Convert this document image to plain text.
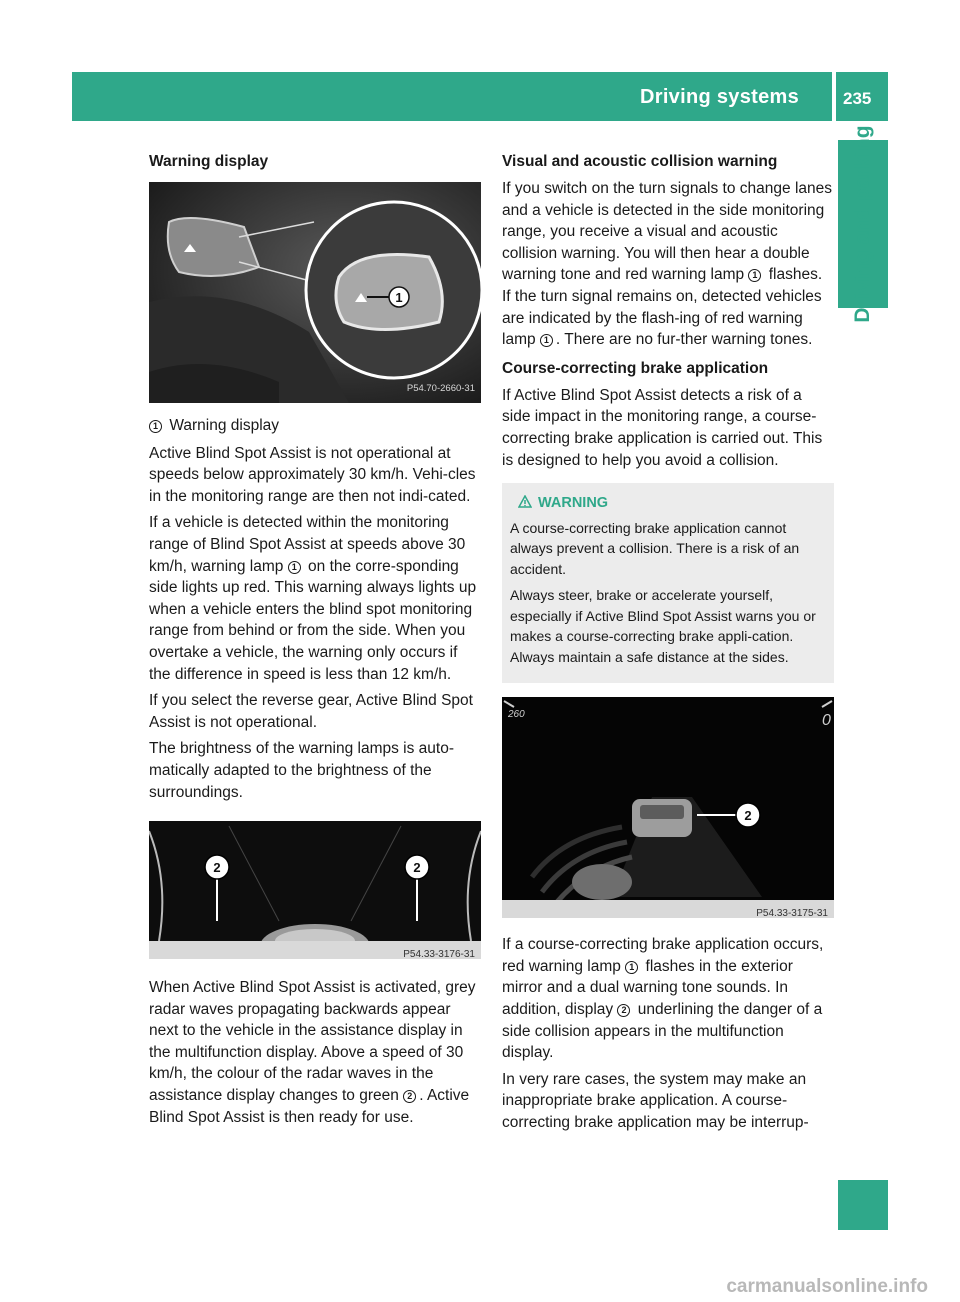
Driving systems	235
Driving and parking
Warning display
1
P54.70-2660-31
1 Warning display

Active Blind Spot Assist is not operational at speeds below approximately 30 km/h. Vehi-cles in the monitoring range are then not indi-cated.

If a vehicle is detected within the monitoring range of Blind Spot Assist at speeds above 30 km/h, warning lamp 1 on the corre-sponding side lights up red. This warning always lights up when a vehicle enters the blind spot monitoring range from behind or from the side. When you overtake a vehicle, the warning only occurs if the difference in speed is less than 12 km/h.

If you select the reverse gear, Active Blind Spot Assist is not operational.

The brightness of the warning lamps is auto-matically adapted to the brightness of the surroundings.

2	2
P54.33-3176-31

When Active Blind Spot Assist is activated, grey radar waves propagating backwards appear next to the vehicle in the assistance display in the multifunction display. Above a speed of 30 km/h, the colour of the radar waves in the assistance display changes to green 2 . Active Blind Spot Assist is then ready for use.

Visual and acoustic collision warning

If you switch on the turn signals to change lanes and a vehicle is detected in the side monitoring range, you receive a visual and acoustic collision warning. You will then hear a double warning tone and red warning lamp 1 flashes. If the turn signal remains on, detected vehicles are indicated by the flash-ing of red warning lamp 1 . There are no fur-ther warning tones.

Course-correcting brake application

If Active Blind Spot Assist detects a risk of a side impact in the monitoring range, a course-correcting brake application is carried out. This is designed to help you avoid a collision.

WARNING

A course-correcting brake application cannot always prevent a collision. There is a risk of an accident.

Always steer, brake or accelerate yourself, especially if Active Blind Spot Assist warns you or makes a course-correcting brake appli-cation. Always maintain a safe distance at the sides.

260	0
2
P54.33-3175-31

If a course-correcting brake application occurs, red warning lamp 1 flashes in the exterior mirror and a dual warning tone sounds. In addition, display 2 underlining the danger of a side collision appears in the multifunction display.

In very rare cases, the system may make an inappropriate brake application. A course-correcting brake application may be interrup-

carmanualsonline.info
